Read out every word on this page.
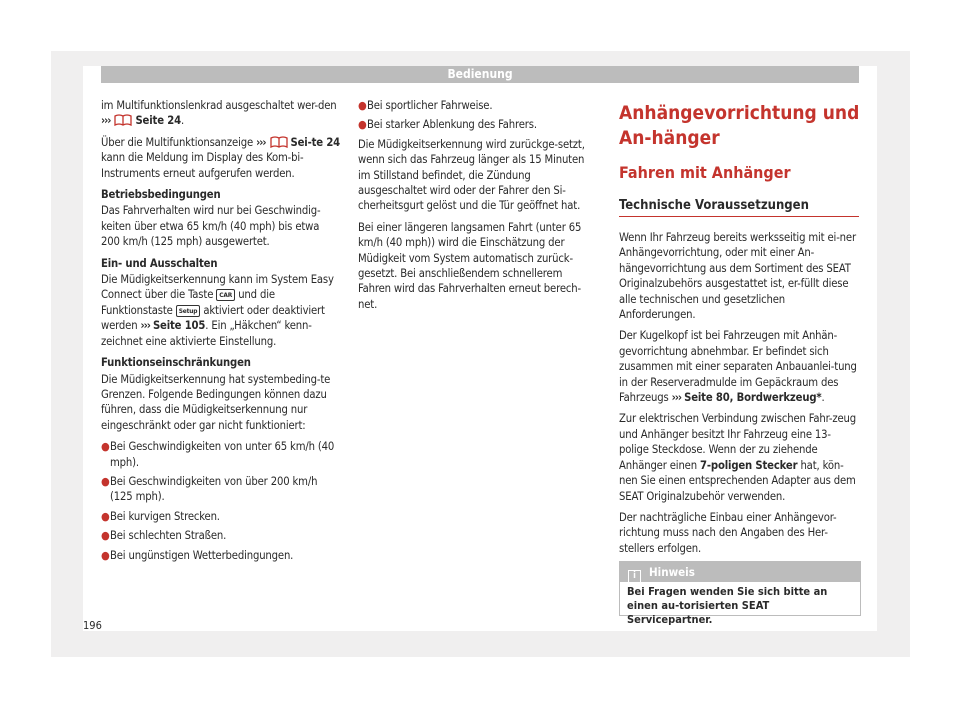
Bedienung

im Multifunktionslenkrad ausgeschaltet wer-den ››› Seite 24.

Über die Multifunktionsanzeige ››› Sei-te 24 kann die Meldung im Display des Kom-bi-Instruments erneut aufgerufen werden.

Betriebsbedingungen

Das Fahrverhalten wird nur bei Geschwindig-keiten über etwa 65 km/h (40 mph) bis etwa 200 km/h (125 mph) ausgewertet.

Ein- und Ausschalten

Die Müdigkeitserkennung kann im System Easy Connect über die Taste CAR und die Funktionstaste Setup aktiviert oder deaktiviert werden ››› Seite 105. Ein „Häkchen“ kenn-zeichnet eine aktivierte Einstellung.

Funktionseinschränkungen

Die Müdigkeitserkennung hat systembeding-te Grenzen. Folgende Bedingungen können dazu führen, dass die Müdigkeitserkennung nur eingeschränkt oder gar nicht funktioniert:

● Bei Geschwindigkeiten von unter 65 km/h (40 mph).

● Bei Geschwindigkeiten von über 200 km/h (125 mph).

● Bei kurvigen Strecken.

● Bei schlechten Straßen.

● Bei ungünstigen Wetterbedingungen.

● Bei sportlicher Fahrweise.

● Bei starker Ablenkung des Fahrers.

Die Müdigkeitserkennung wird zurückge-setzt, wenn sich das Fahrzeug länger als 15 Minuten im Stillstand befindet, die Zündung ausgeschaltet wird oder der Fahrer den Si-cherheitsgurt gelöst und die Tür geöffnet hat.

Bei einer längeren langsamen Fahrt (unter 65 km/h (40 mph)) wird die Einschätzung der Müdigkeit vom System automatisch zurück-gesetzt. Bei anschließendem schnellerem Fahren wird das Fahrverhalten erneut berech-net.

Anhängevorrichtung und An-hänger
Fahren mit Anhänger
Technische Voraussetzungen

Wenn Ihr Fahrzeug bereits werksseitig mit ei-ner Anhängevorrichtung, oder mit einer An-hängevorrichtung aus dem Sortiment des SEAT Originalzubehörs ausgestattet ist, er-füllt diese alle technischen und gesetzlichen Anforderungen.

Der Kugelkopf ist bei Fahrzeugen mit Anhän-gevorrichtung abnehmbar. Er befindet sich zusammen mit einer separaten Anbauanlei-tung in der Reserveradmulde im Gepäckraum des Fahrzeugs ››› Seite 80, Bordwerkzeug*.

Zur elektrischen Verbindung zwischen Fahr-zeug und Anhänger besitzt Ihr Fahrzeug eine 13-polige Steckdose. Wenn der zu ziehende Anhänger einen 7-poligen Stecker hat, kön-nen Sie einen entsprechenden Adapter aus dem SEAT Originalzubehör verwenden.

Der nachträgliche Einbau einer Anhängevor-richtung muss nach den Angaben des Her-stellers erfolgen.

i Hinweis
Bei Fragen wenden Sie sich bitte an einen au-torisierten SEAT Servicepartner.
196
